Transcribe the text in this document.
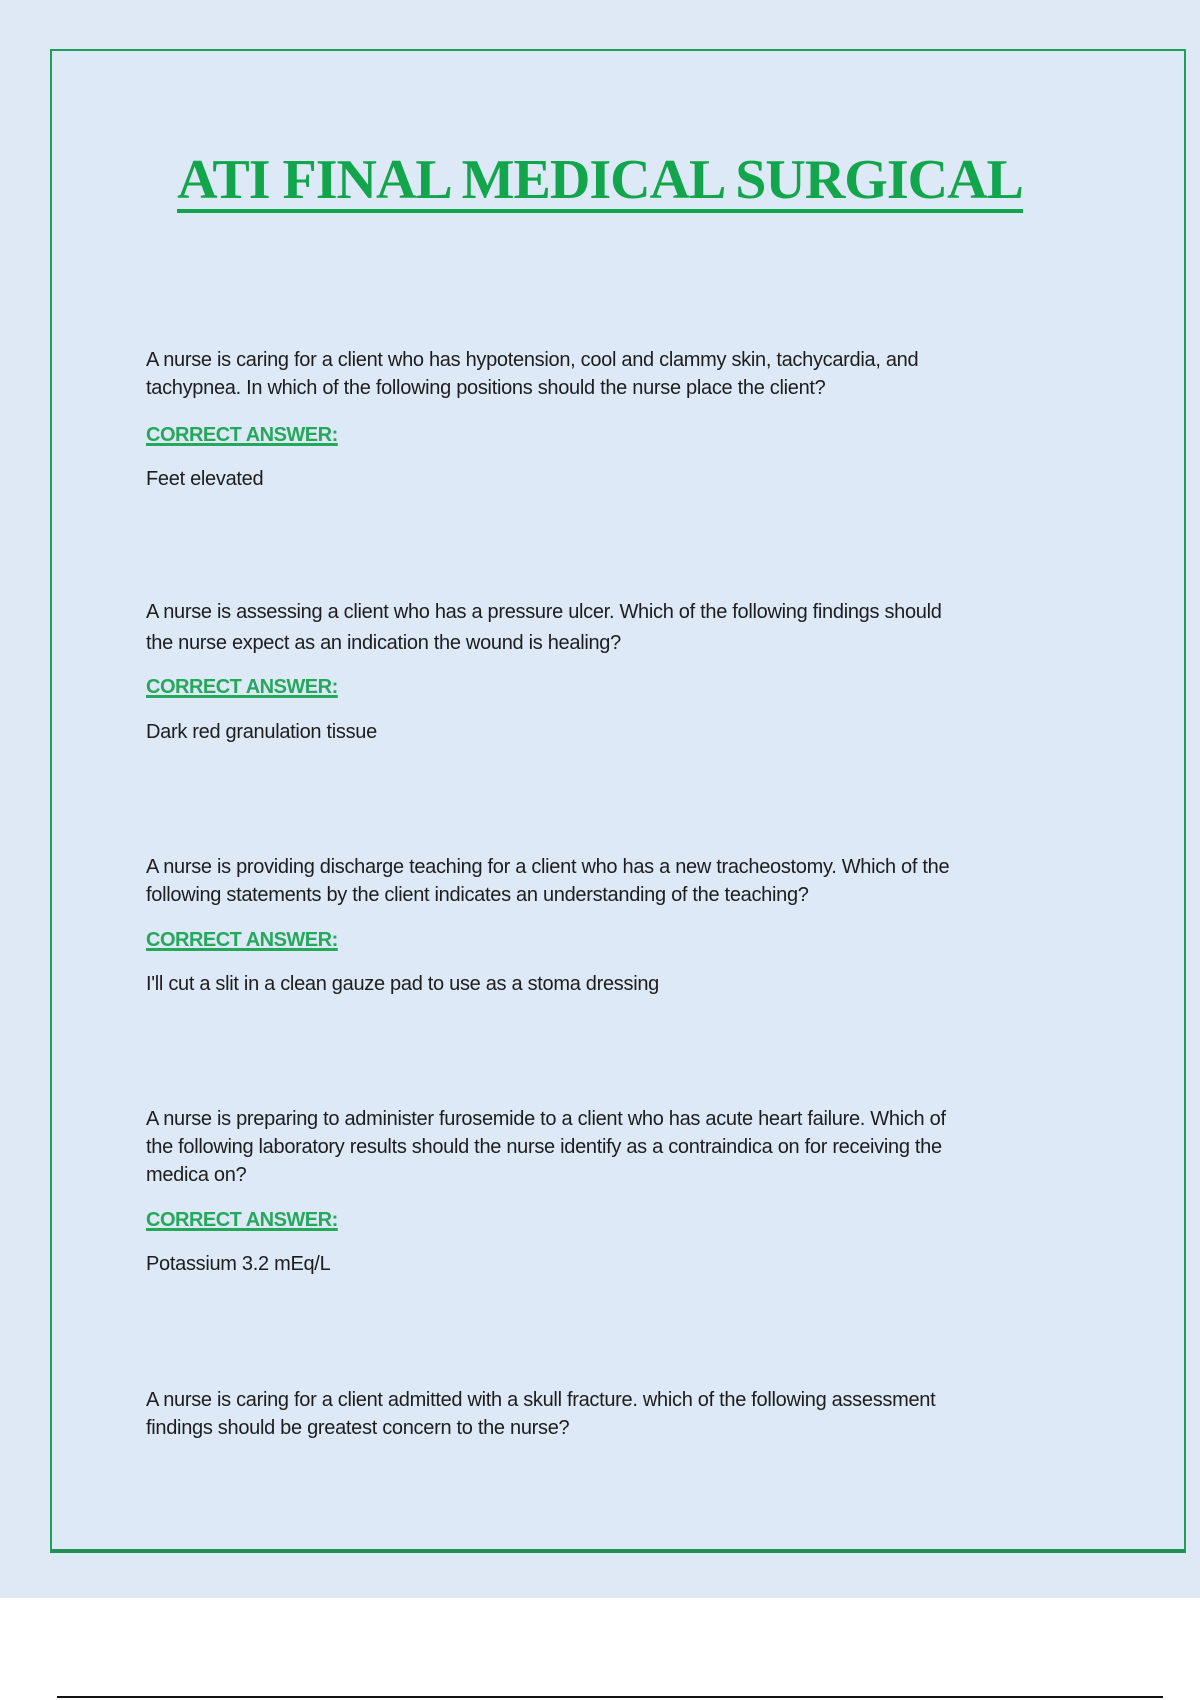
ATI FINAL MEDICAL SURGICAL
A nurse is caring for a client who has hypotension, cool and clammy skin, tachycardia, and
tachypnea. In which of the following positions should the nurse place the client?
CORRECT ANSWER:
Feet elevated
A nurse is assessing a client who has a pressure ulcer. Which of the following findings should
the nurse expect as an indication the wound is healing?
CORRECT ANSWER:
Dark red granulation tissue
A nurse is providing discharge teaching for a client who has a new tracheostomy. Which of the
following statements by the client indicates an understanding of the teaching?
CORRECT ANSWER:
I'll cut a slit in a clean gauze pad to use as a stoma dressing
A nurse is preparing to administer furosemide to a client who has acute heart failure. Which of
the following laboratory results should the nurse identify as a contraindica on for receiving the
medica on?
CORRECT ANSWER:
Potassium 3.2 mEq/L
A nurse is caring for a client admitted with a skull fracture. which of the following assessment
findings should be greatest concern to the nurse?
